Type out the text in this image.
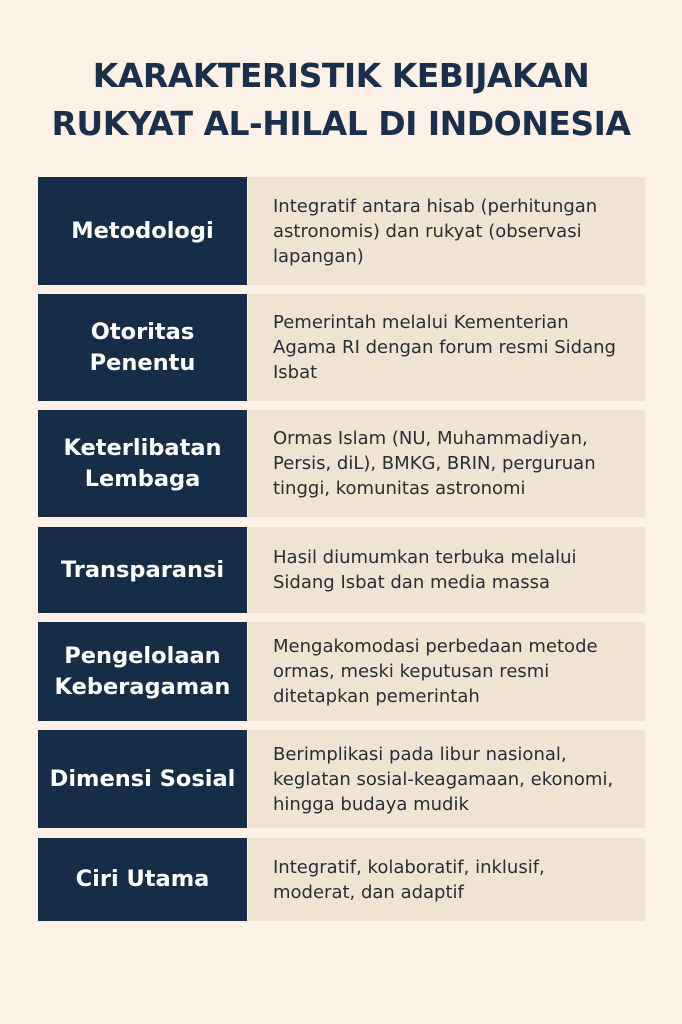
KARAKTERISTIK KEBIJAKAN
RUKYAT AL-HILAL DI INDONESIA
Metodologi
Integratif antara hisab (perhitungan astronomis) dan rukyat (observasi lapangan)
Otoritas Penentu
Pemerintah melalui Kementerian Agama RI dengan forum resmi Sidang Isbat
Keterlibatan Lembaga
Ormas Islam (NU, Muhammadiyan, Persis, diL), BMKG, BRIN, perguruan tinggi, komunitas astronomi
Transparansi	Hasil diumumkan terbuka melalui Sidang Isbat dan media massa
Pengelolaan Keberagaman
Mengakomodasi perbedaan metode ormas, meski keputusan resmi ditetapkan pemerintah
Dimensi Sosial
Berimplikasi pada libur nasional, keglatan sosial-keagamaan, ekonomi, hingga budaya mudik
Ciri Utama	Integratif, kolaboratif, inklusif, moderat, dan adaptif
